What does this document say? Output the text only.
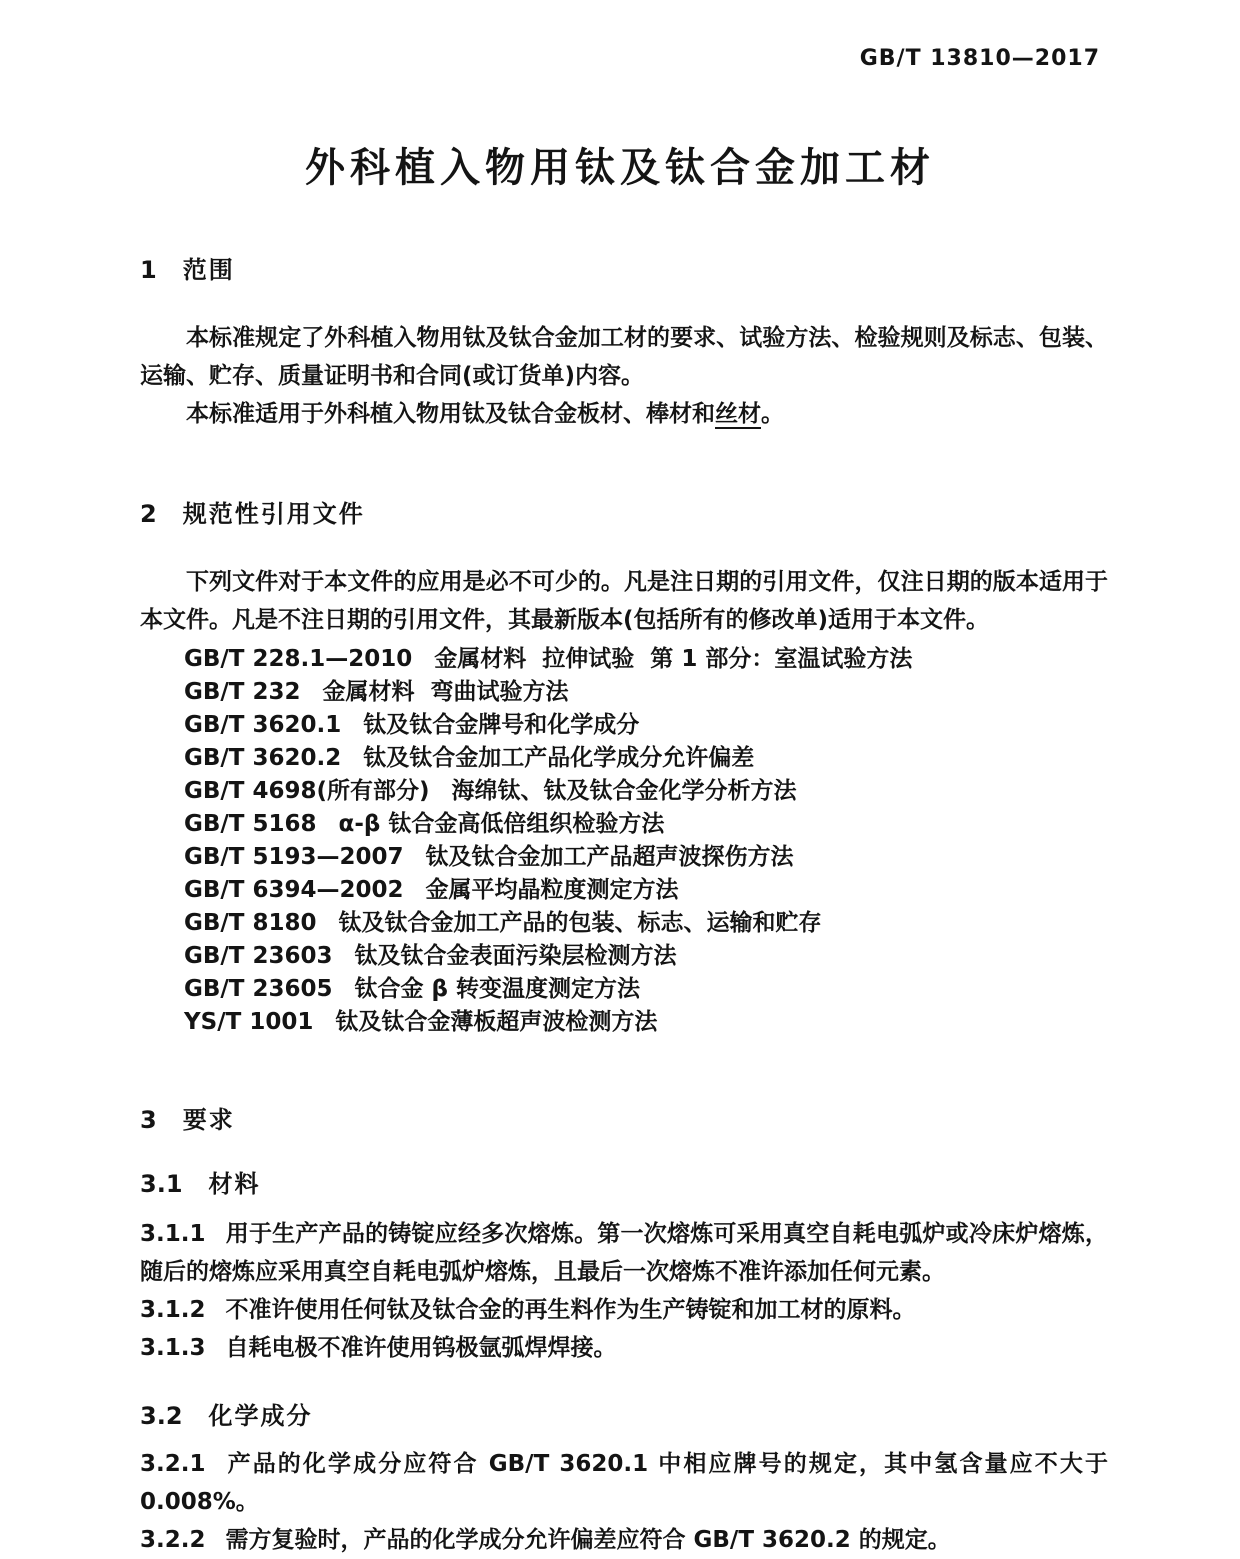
GB/T 13810—2017
外科植入物用钛及钛合金加工材
1 范围

本标准规定了外科植入物用钛及钛合金加工材的要求、试验方法、检验规则及标志、包装、运输、贮存、质量证明书和合同(或订货单)内容。

本标准适用于外科植入物用钛及钛合金板材、棒材和丝材。

2 规范性引用文件

下列文件对于本文件的应用是必不可少的。凡是注日期的引用文件，仅注日期的版本适用于本文件。凡是不注日期的引用文件，其最新版本(包括所有的修改单)适用于本文件。

GB/T 228.1—2010 金属材料  拉伸试验  第 1 部分：室温试验方法
GB/T 232 金属材料  弯曲试验方法
GB/T 3620.1 钛及钛合金牌号和化学成分
GB/T 3620.2 钛及钛合金加工产品化学成分允许偏差
GB/T 4698(所有部分) 海绵钛、钛及钛合金化学分析方法
GB/T 5168 α-β 钛合金高低倍组织检验方法
GB/T 5193—2007 钛及钛合金加工产品超声波探伤方法
GB/T 6394—2002 金属平均晶粒度测定方法
GB/T 8180 钛及钛合金加工产品的包装、标志、运输和贮存
GB/T 23603 钛及钛合金表面污染层检测方法
GB/T 23605 钛合金 β 转变温度测定方法
YS/T 1001 钛及钛合金薄板超声波检测方法
3 要求
3.1 材料

3.1.1 用于生产产品的铸锭应经多次熔炼。第一次熔炼可采用真空自耗电弧炉或冷床炉熔炼，随后的熔炼应采用真空自耗电弧炉熔炼，且最后一次熔炼不准许添加任何元素。

3.1.2 不准许使用任何钛及钛合金的再生料作为生产铸锭和加工材的原料。

3.1.3 自耗电极不准许使用钨极氩弧焊焊接。

3.2 化学成分

3.2.1 产品的化学成分应符合 GB/T 3620.1 中相应牌号的规定，其中氢含量应不大于 0.008%。

3.2.2 需方复验时，产品的化学成分允许偏差应符合 GB/T 3620.2 的规定。
